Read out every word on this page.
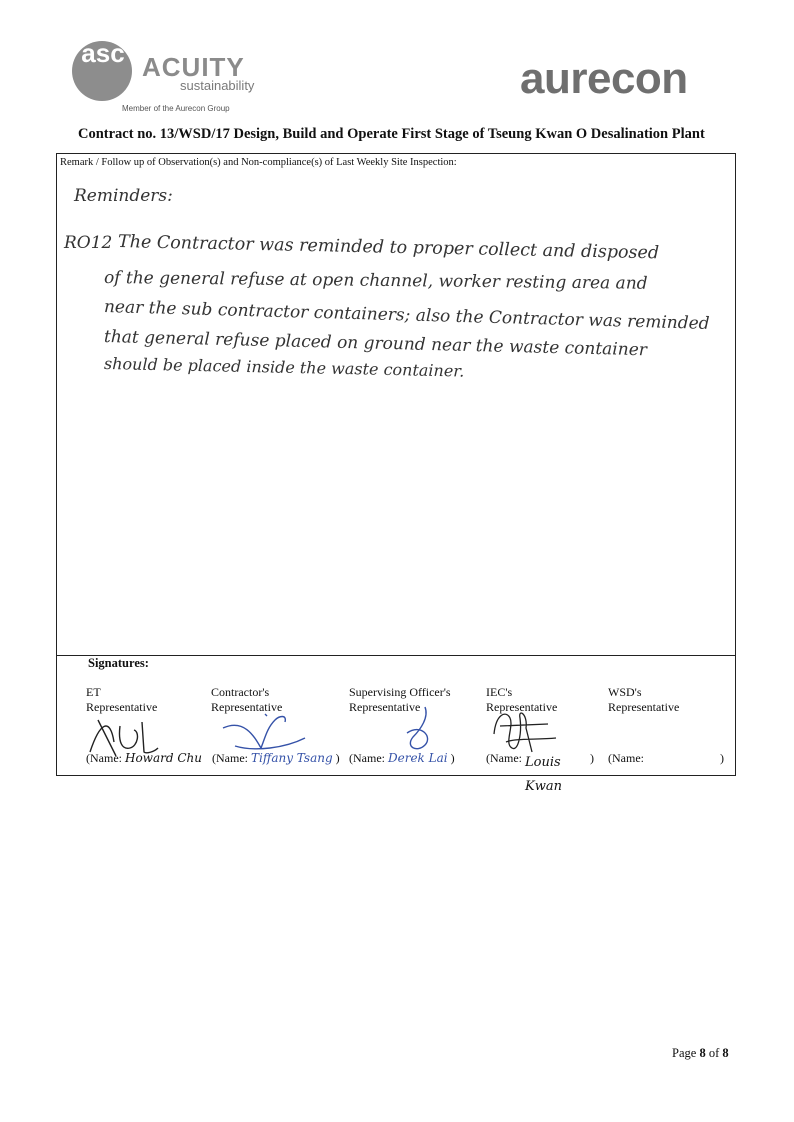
asc ACUITY
sustainability
Member of the Aurecon Group
aurecon
Contract no. 13/WSD/17 Design, Build and Operate First Stage of Tseung Kwan O Desalination Plant
Remark / Follow up of Observation(s) and Non-compliance(s) of Last Weekly Site Inspection:
Reminders:
RO12 The Contractor was reminded to proper collect and disposed
of the general refuse at open channel, worker resting area and
near the sub contractor containers; also the Contractor was reminded
that general refuse placed on ground near the waste container
should be placed inside the waste container.
Signatures:
ET
Representative
Contractor's
Representative
Supervising Officer's
Representative
IEC's
Representative
WSD's
Representative
(Name: Howard Chu (Name: Tiffany Tsang ) (Name: Derek Lai )	(Name: Louis Kwan
) (Name:	)
Page 8 of 8
